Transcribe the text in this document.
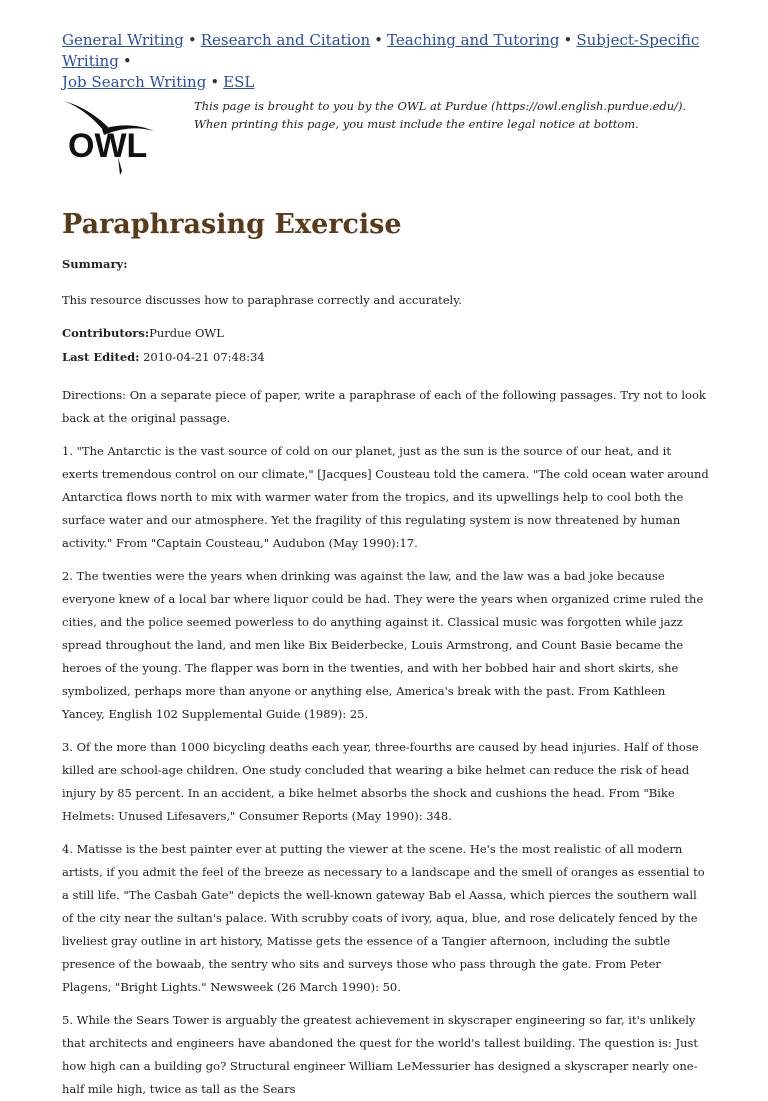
General Writing • Research and Citation • Teaching and Tutoring • Subject-Specific Writing •
Job Search Writing • ESL
OWL
This page is brought to you by the OWL at Purdue (https://owl.english.purdue.edu/). When printing this page, you must include the entire legal notice at bottom.
Paraphrasing Exercise
Summary:
This resource discusses how to paraphrase correctly and accurately.
Contributors:Purdue OWL
Last Edited: 2010-04-21 07:48:34

Directions: On a separate piece of paper, write a paraphrase of each of the following passages. Try not to look back at the original passage.

1. "The Antarctic is the vast source of cold on our planet, just as the sun is the source of our heat, and it exerts tremendous control on our climate," [Jacques] Cousteau told the camera. "The cold ocean water around Antarctica flows north to mix with warmer water from the tropics, and its upwellings help to cool both the surface water and our atmosphere. Yet the fragility of this regulating system is now threatened by human activity." From "Captain Cousteau," Audubon (May 1990):17.

2. The twenties were the years when drinking was against the law, and the law was a bad joke because everyone knew of a local bar where liquor could be had. They were the years when organized crime ruled the cities, and the police seemed powerless to do anything against it. Classical music was forgotten while jazz spread throughout the land, and men like Bix Beiderbecke, Louis Armstrong, and Count Basie became the heroes of the young. The flapper was born in the twenties, and with her bobbed hair and short skirts, she symbolized, perhaps more than anyone or anything else, America's break with the past. From Kathleen Yancey, English 102 Supplemental Guide (1989): 25.

3. Of the more than 1000 bicycling deaths each year, three-fourths are caused by head injuries. Half of those killed are school-age children. One study concluded that wearing a bike helmet can reduce the risk of head injury by 85 percent. In an accident, a bike helmet absorbs the shock and cushions the head. From "Bike Helmets: Unused Lifesavers," Consumer Reports (May 1990): 348.

4. Matisse is the best painter ever at putting the viewer at the scene. He's the most realistic of all modern artists, if you admit the feel of the breeze as necessary to a landscape and the smell of oranges as essential to a still life. "The Casbah Gate" depicts the well-known gateway Bab el Aassa, which pierces the southern wall of the city near the sultan's palace. With scrubby coats of ivory, aqua, blue, and rose delicately fenced by the liveliest gray outline in art history, Matisse gets the essence of a Tangier afternoon, including the subtle presence of the bowaab, the sentry who sits and surveys those who pass through the gate. From Peter Plagens, "Bright Lights." Newsweek (26 March 1990): 50.

5. While the Sears Tower is arguably the greatest achievement in skyscraper engineering so far, it's unlikely that architects and engineers have abandoned the quest for the world's tallest building. The question is: Just how high can a building go? Structural engineer William LeMessurier has designed a skyscraper nearly one-half mile high, twice as tall as the Sears
